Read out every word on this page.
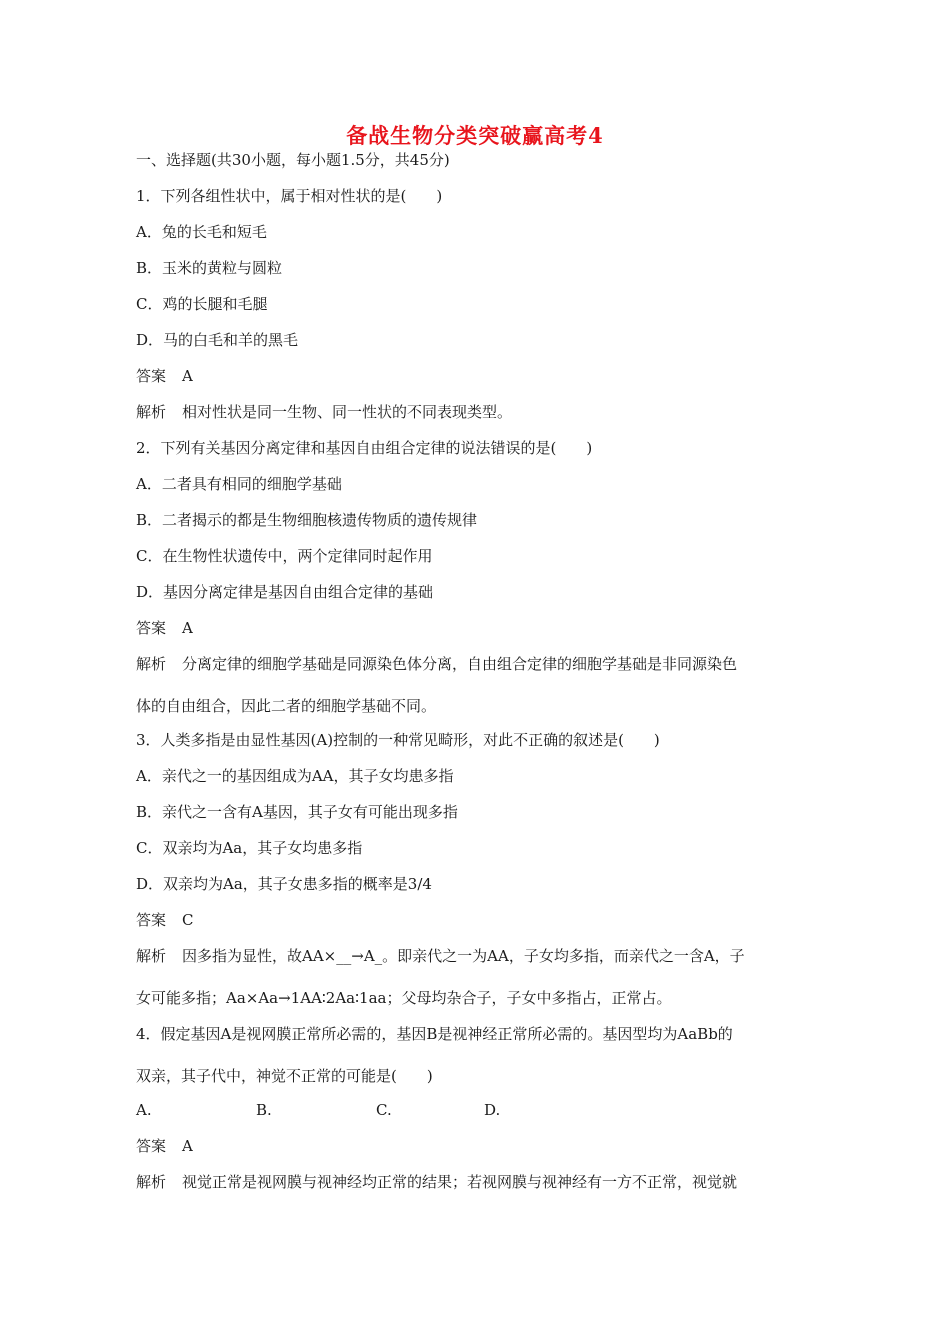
备战生物分类突破赢高考4
一、选择题(共30小题，每小题1.5分，共45分)
1．下列各组性状中，属于相对性状的是(　　)
A．兔的长毛和短毛
B．玉米的黄粒与圆粒
C．鸡的长腿和毛腿
D．马的白毛和羊的黑毛
答案 A
解析 相对性状是同一生物、同一性状的不同表现类型。
2．下列有关基因分离定律和基因自由组合定律的说法错误的是(　　)
A．二者具有相同的细胞学基础
B．二者揭示的都是生物细胞核遗传物质的遗传规律
C．在生物性状遗传中，两个定律同时起作用
D．基因分离定律是基因自由组合定律的基础
答案 A
解析 分离定律的细胞学基础是同源染色体分离，自由组合定律的细胞学基础是非同源染色
体的自由组合，因此二者的细胞学基础不同。
3．人类多指是由显性基因(A)控制的一种常见畸形，对此不正确的叙述是(　　)
A．亲代之一的基因组成为AA，其子女均患多指
B．亲代之一含有A基因，其子女有可能出现多指
C．双亲均为Aa，其子女均患多指
D．双亲均为Aa，其子女患多指的概率是3/4
答案 C
解析 因多指为显性，故AA×__→A_。即亲代之一为AA，子女均多指，而亲代之一含A，子
女可能多指；Aa×Aa→1AA∶2Aa∶1aa；父母均杂合子，子女中多指占，正常占。
4．假定基因A是视网膜正常所必需的，基因B是视神经正常所必需的。基因型均为AaBb的
双亲，其子代中，神觉不正常的可能是(　　)
A.	B.	C.	D.
答案 A
解析 视觉正常是视网膜与视神经均正常的结果；若视网膜与视神经有一方不正常，视觉就
